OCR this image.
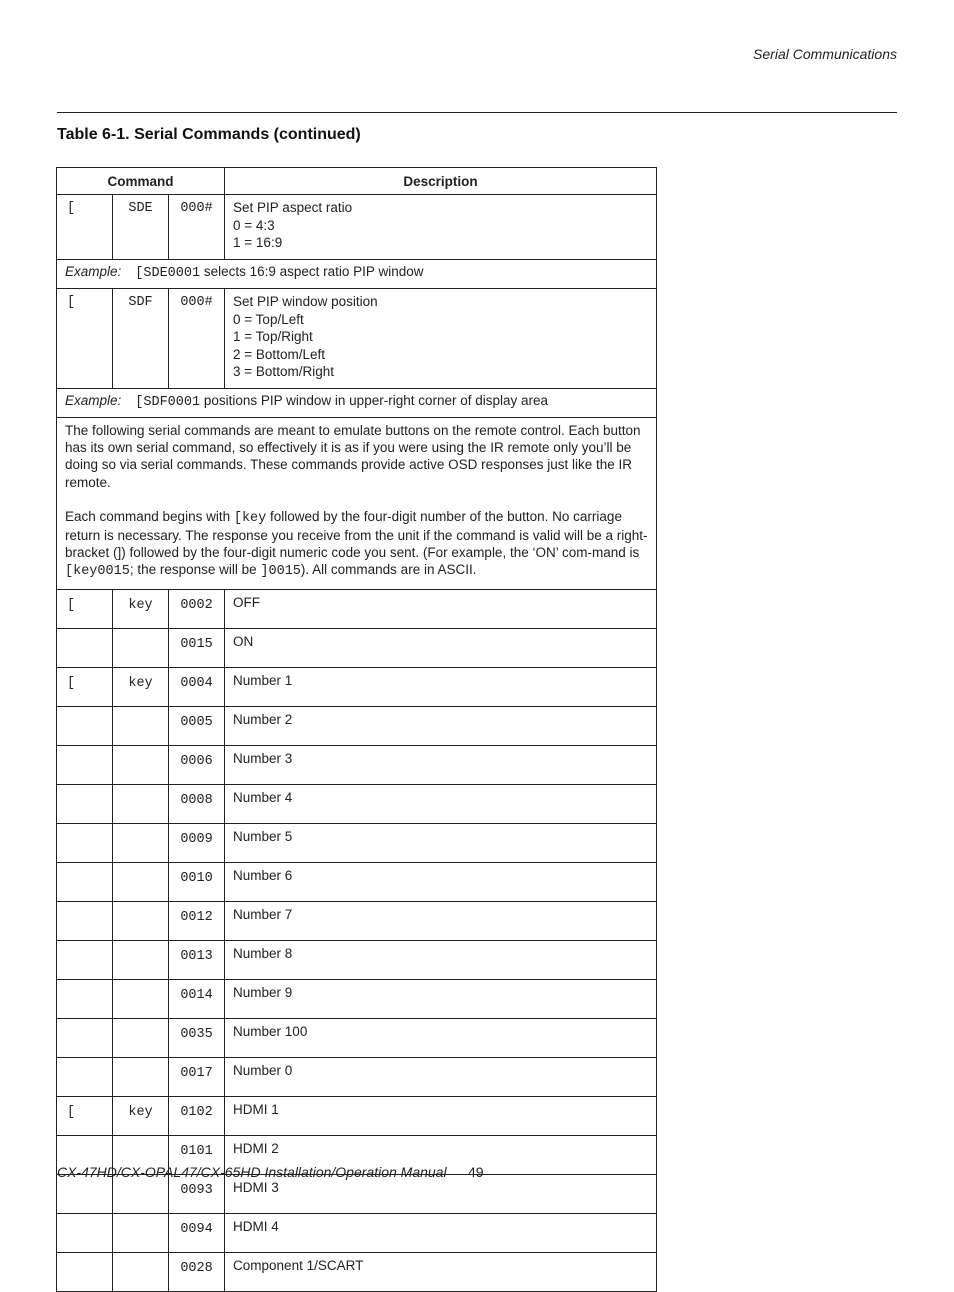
Serial Communications
Table 6-1. Serial Commands (continued)
Command			Description
[	SDE	000#	Set PIP aspect ratio
0 = 4:3
1 = 16:9

Example: [SDE0001 selects 16:9 aspect ratio PIP window			
[	SDF	000#	Set PIP window position
0 = Top/Left
1 = Top/Right
2 = Bottom/Left
3 = Bottom/Right

Example: [SDF0001 positions PIP window in upper-right corner of display area			

The following serial commands are meant to emulate buttons on the remote control. Each button has its own serial command, so effectively it is as if you were using the IR remote only you’ll be doing so via serial commands. These commands provide active OSD responses just like the IR remote.

Each command begins with [key followed by the four-digit number of the button. No carriage return is necessary. The response you receive from the unit if the command is valid will be a right-bracket (]) followed by the four-digit numeric code you sent. (For example, the ‘ON’ com-mand is [key0015; the response will be ]0015). All commands are in ASCII.			

[	key	0002	OFF
		0015	ON
[	key	0004	Number 1
		0005	Number 2
		0006	Number 3
		0008	Number 4
		0009	Number 5
		0010	Number 6
		0012	Number 7
		0013	Number 8
		0014	Number 9
		0035	Number 100
		0017	Number 0
[	key	0102	HDMI 1
		0101	HDMI 2
		0093	HDMI 3
		0094	HDMI 4
		0028	Component 1/SCART
CX-47HD/CX-OPAL47/CX-65HD Installation/Operation Manual 49
